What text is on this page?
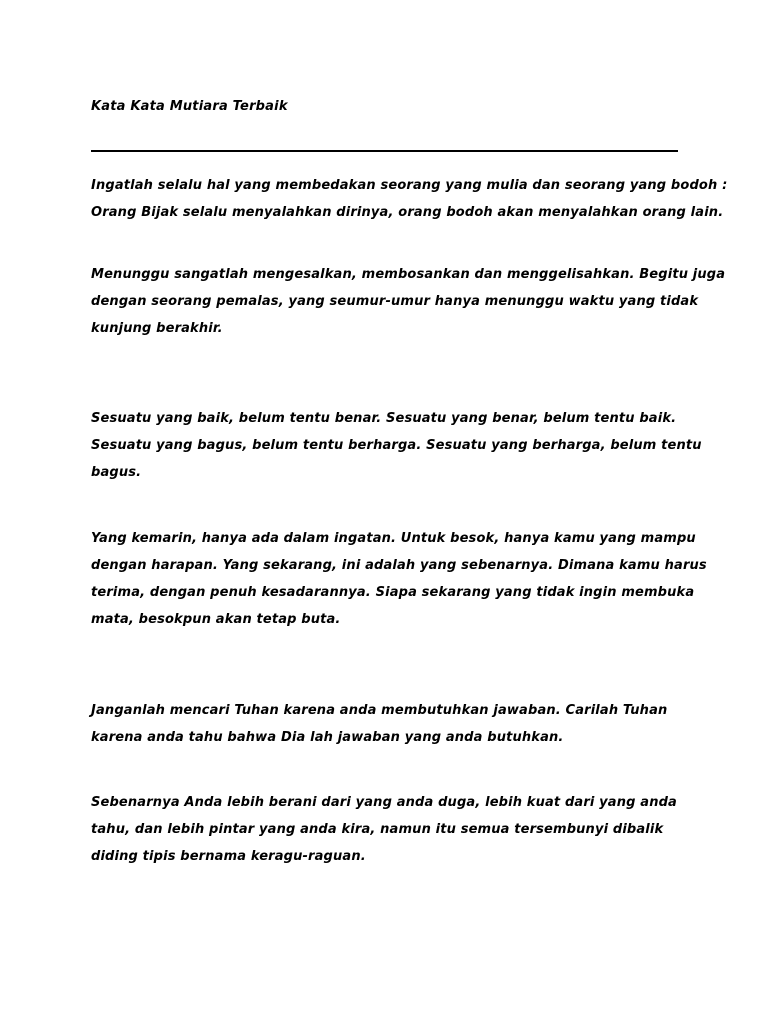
Kata Kata Mutiara Terbaik

Ingatlah selalu hal yang membedakan seorang yang mulia dan seorang yang bodoh :
Orang Bijak selalu menyalahkan dirinya, orang bodoh akan menyalahkan orang lain.

Menunggu sangatlah mengesalkan, membosankan dan menggelisahkan. Begitu juga
dengan seorang pemalas, yang seumur-umur hanya menunggu waktu yang tidak
kunjung berakhir.

Sesuatu yang baik, belum tentu benar. Sesuatu yang benar, belum tentu baik.
Sesuatu yang bagus, belum tentu berharga. Sesuatu yang berharga, belum tentu
bagus.

Yang kemarin, hanya ada dalam ingatan. Untuk besok, hanya kamu yang mampu
dengan harapan. Yang sekarang, ini adalah yang sebenarnya. Dimana kamu harus
terima, dengan penuh kesadarannya. Siapa sekarang yang tidak ingin membuka
mata, besokpun akan tetap buta.

Janganlah mencari Tuhan karena anda membutuhkan jawaban. Carilah Tuhan
karena anda tahu bahwa Dia lah jawaban yang anda butuhkan.

Sebenarnya Anda lebih berani dari yang anda duga, lebih kuat dari yang anda
tahu, dan lebih pintar yang anda kira, namun itu semua tersembunyi dibalik
diding tipis bernama keragu-raguan.
